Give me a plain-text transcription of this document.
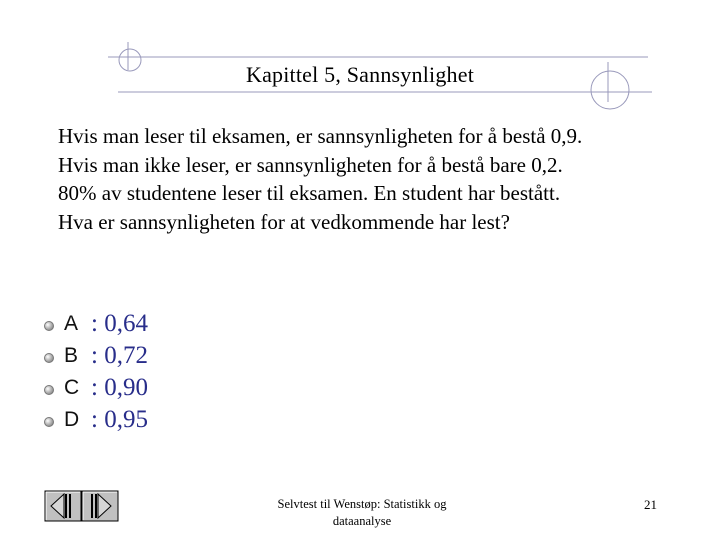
Kapittel 5, Sannsynlighet
Hvis man leser til eksamen, er sannsynligheten for å bestå 0,9.
Hvis man ikke leser, er sannsynligheten for å bestå bare 0,2.
80% av studentene leser til eksamen. En student har bestått.
Hva er sannsynligheten for at vedkommende har lest?
A : 0,64
B : 0,72
C : 0,90
D : 0,95
Selvtest til Wenstøp: Statistikk og
dataanalyse
21
